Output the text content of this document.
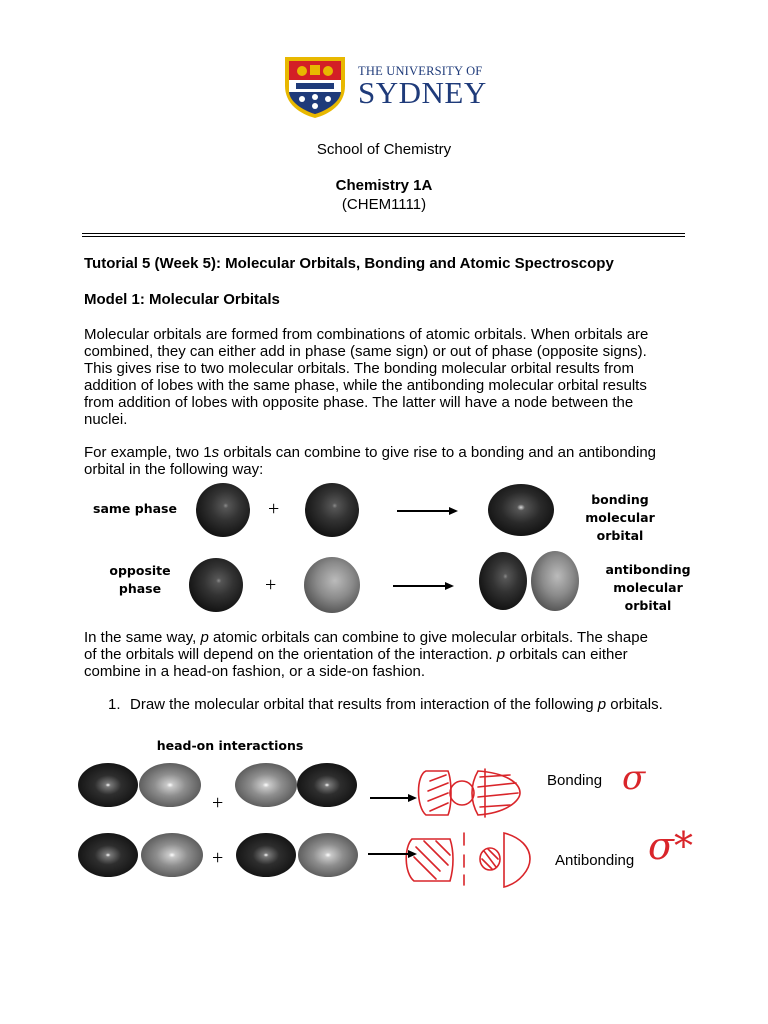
THE UNIVERSITY OF
SYDNEY
School of Chemistry
Chemistry 1A
(CHEM1111)
Tutorial 5 (Week 5): Molecular Orbitals, Bonding and Atomic Spectroscopy
Model 1: Molecular Orbitals
Molecular orbitals are formed from combinations of atomic orbitals. When orbitals are
combined, they can either add in phase (same sign) or out of phase (opposite signs).
This gives rise to two molecular orbitals. The bonding molecular orbital results from
addition of lobes with the same phase, while the antibonding molecular orbital results
from addition of lobes with opposite phase. The latter will have a node between the
nuclei.
For example, two 1s orbitals can combine to give rise to a bonding and an antibonding
orbital in the following way:
same phase	+	bonding
molecular orbital
opposite
phase	+
antibonding
molecular orbital
In the same way, p atomic orbitals can combine to give molecular orbitals. The shape
of the orbitals will depend on the orientation of the interaction. p orbitals can either
combine in a head-on fashion, or a side-on fashion.
1. Draw the molecular orbital that results from interaction of the following p orbitals.
head-on interactions
+
+
Bonding
Antibonding
σ
σ*
